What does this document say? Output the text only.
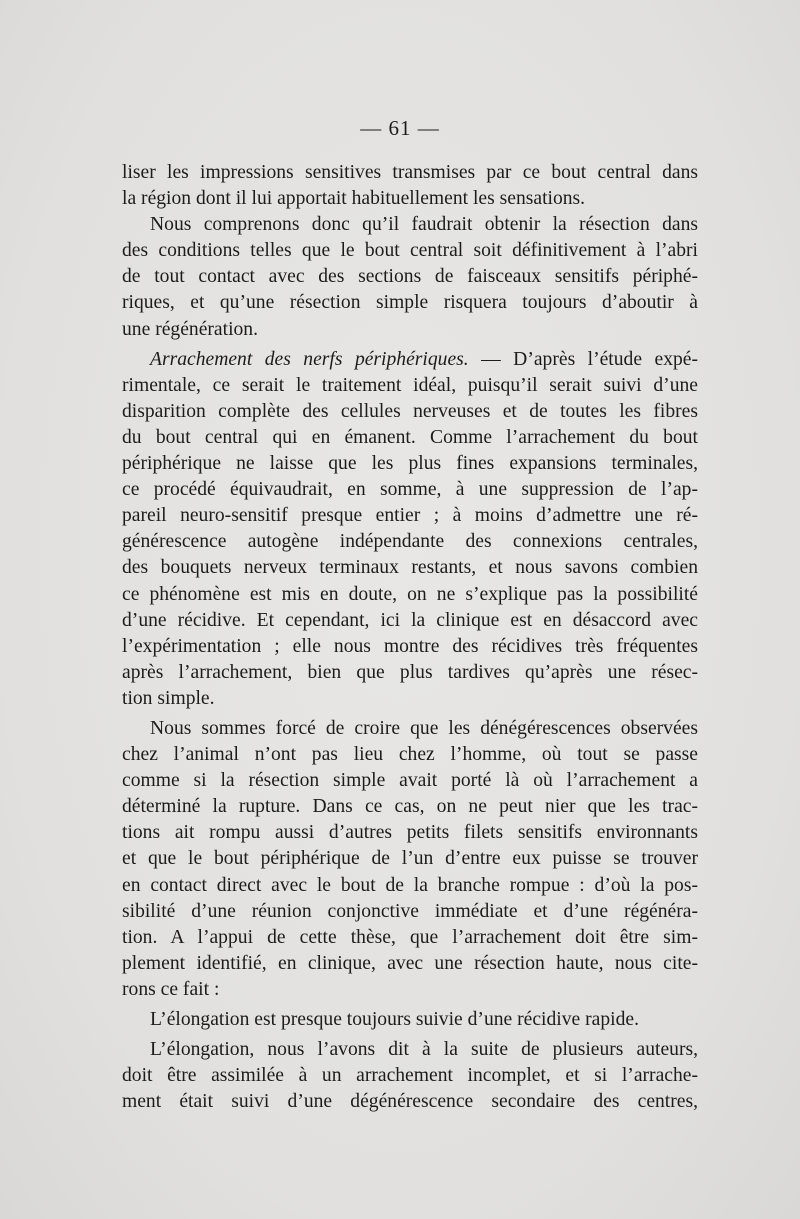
— 61 —
liser les impressions sensitives transmises par ce bout central dans
la région dont il lui apportait habituellement les sensations.
Nous comprenons donc qu’il faudrait obtenir la résection dans
des conditions telles que le bout central soit définitivement à l’abri
de tout contact avec des sections de faisceaux sensitifs périphé-
riques, et qu’une résection simple risquera toujours d’aboutir à
une régénération.
Arrachement des nerfs périphériques. — D’après l’étude expé-
rimentale, ce serait le traitement idéal, puisqu’il serait suivi d’une
disparition complète des cellules nerveuses et de toutes les fibres
du bout central qui en émanent. Comme l’arrachement du bout
périphérique ne laisse que les plus fines expansions terminales,
ce procédé équivaudrait, en somme, à une suppression de l’ap-
pareil neuro-sensitif presque entier ; à moins d’admettre une ré-
générescence autogène indépendante des connexions centrales,
des bouquets nerveux terminaux restants, et nous savons combien
ce phénomène est mis en doute, on ne s’explique pas la possibilité
d’une récidive. Et cependant, ici la clinique est en désaccord avec
l’expérimentation ; elle nous montre des récidives très fréquentes
après l’arrachement, bien que plus tardives qu’après une résec-
tion simple.
Nous sommes forcé de croire que les dénégérescences observées
chez l’animal n’ont pas lieu chez l’homme, où tout se passe
comme si la résection simple avait porté là où l’arrachement a
déterminé la rupture. Dans ce cas, on ne peut nier que les trac-
tions ait rompu aussi d’autres petits filets sensitifs environnants
et que le bout périphérique de l’un d’entre eux puisse se trouver
en contact direct avec le bout de la branche rompue : d’où la pos-
sibilité d’une réunion conjonctive immédiate et d’une régénéra-
tion. A l’appui de cette thèse, que l’arrachement doit être sim-
plement identifié, en clinique, avec une résection haute, nous cite-
rons ce fait :
L’élongation est presque toujours suivie d’une récidive rapide.
L’élongation, nous l’avons dit à la suite de plusieurs auteurs,
doit être assimilée à un arrachement incomplet, et si l’arrache-
ment était suivi d’une dégénérescence secondaire des centres,
